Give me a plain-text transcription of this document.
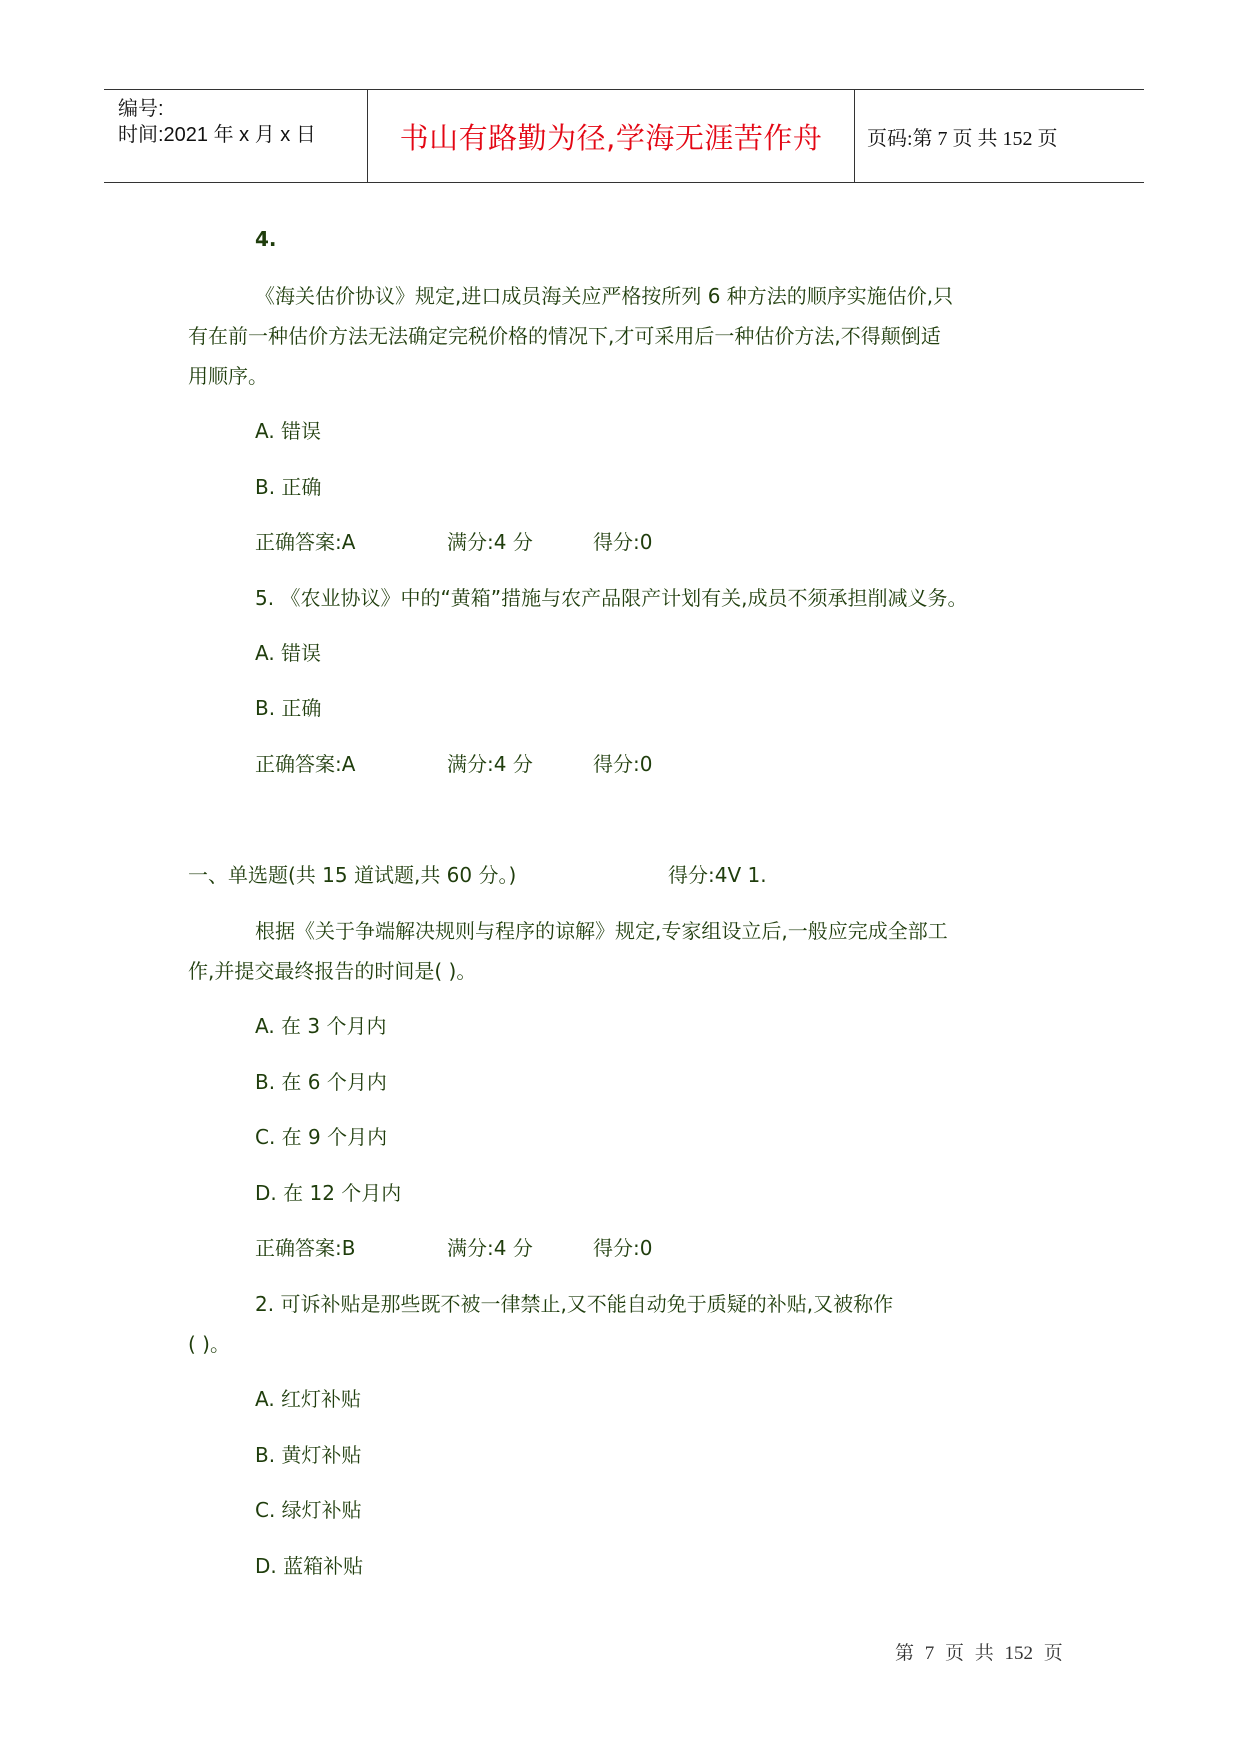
编号:
时间:2021 年 x 月 x 日	书山有路勤为径,学海无涯苦作舟 页码:第 7 页 共 152 页
4.
《海关估价协议》规定,进口成员海关应严格按所列 6 种方法的顺序实施估价,只
有在前一种估价方法无法确定完税价格的情况下,才可采用后一种估价方法,不得颠倒适
用顺序。
A. 错误
B. 正确
正确答案:A	满分:4 分	得分:0
5. 《农业协议》中的“黄箱”措施与农产品限产计划有关,成员不须承担削减义务。
A. 错误
B. 正确
正确答案:A	满分:4 分	得分:0
一、单选题(共 15 道试题,共 60 分。)	得分:4V 1.
根据《关于争端解决规则与程序的谅解》规定,专家组设立后,一般应完成全部工
作,并提交最终报告的时间是( )。
A. 在 3 个月内
B. 在 6 个月内
C. 在 9 个月内
D. 在 12 个月内
正确答案:B	满分:4 分	得分:0
2. 可诉补贴是那些既不被一律禁止,又不能自动免于质疑的补贴,又被称作
( )。
A. 红灯补贴
B. 黄灯补贴
C. 绿灯补贴
D. 蓝箱补贴
第 7 页 共 152 页
